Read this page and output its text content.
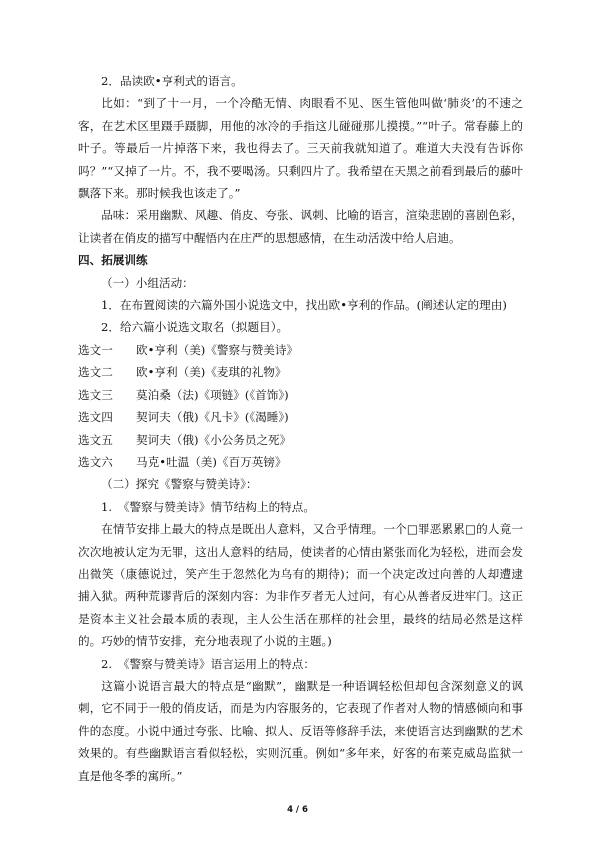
2．品读欧•亨利式的语言。

比如：“到了十一月，一个冷酷无情、肉眼看不见、医生管他叫做‘肺炎’的不速之客，在艺术区里蹑手蹑脚，用他的冰冷的手指这儿碰碰那儿摸摸。”“叶子。常春藤上的叶子。等最后一片掉落下来，我也得去了。三天前我就知道了。难道大夫没有告诉你吗？”“又掉了一片。不，我不要喝汤。只剩四片了。我希望在天黑之前看到最后的藤叶飘落下来。那时候我也该走了。”

品味：采用幽默、风趣、俏皮、夸张、讽刺、比喻的语言，渲染悲剧的喜剧色彩，让读者在俏皮的描写中醒悟内在庄严的思想感情，在生动活泼中给人启迪。

四、拓展训练

（一）小组活动：

1．在布置阅读的六篇外国小说选文中，找出欧•亨利的作品。(阐述认定的理由)

2．给六篇小说选文取名（拟题目）。

选文一	欧•亨利（美)《警察与赞美诗》
选文二	欧•亨利（美)《麦琪的礼物》
选文三	莫泊桑（法)《项链》(《首饰》)
选文四	契诃夫（俄)《凡卡》(《渴睡》)
选文五	契诃夫（俄)《小公务员之死》
选文六	马克•吐温（美)《百万英镑》

（二）探究《警察与赞美诗》：

1.　《警察与赞美诗》情节结构上的特点。

在情节安排上最大的特点是既出人意料，又合乎情理。一个□罪恶累累□的人竟一次次地被认定为无罪，这出人意料的结局，使读者的心情由紧张而化为轻松，进而会发出微笑（康德说过，笑产生于忽然化为乌有的期待)；而一个决定改过向善的人却遭逮捕入狱。两种荒谬背后的深刻内容：为非作歹者无人过问，有心从善者反进牢门。这正是资本主义社会最本质的表现，主人公生活在那样的社会里，最终的结局必然是这样的。巧妙的情节安排，充分地表现了小说的主题。)

2.　《警察与赞美诗》语言运用上的特点：

这篇小说语言最大的特点是“幽默”，幽默是一种语调轻松但却包含深刻意义的讽刺，它不同于一般的俏皮话，而是为内容服务的，它表现了作者对人物的情感倾向和事件的态度。小说中通过夸张、比喻、拟人、反语等修辞手法，来使语言达到幽默的艺术效果的。有些幽默语言看似轻松，实则沉重。例如“多年来，好客的布莱克威岛监狱一直是他冬季的寓所。”

4 / 6
